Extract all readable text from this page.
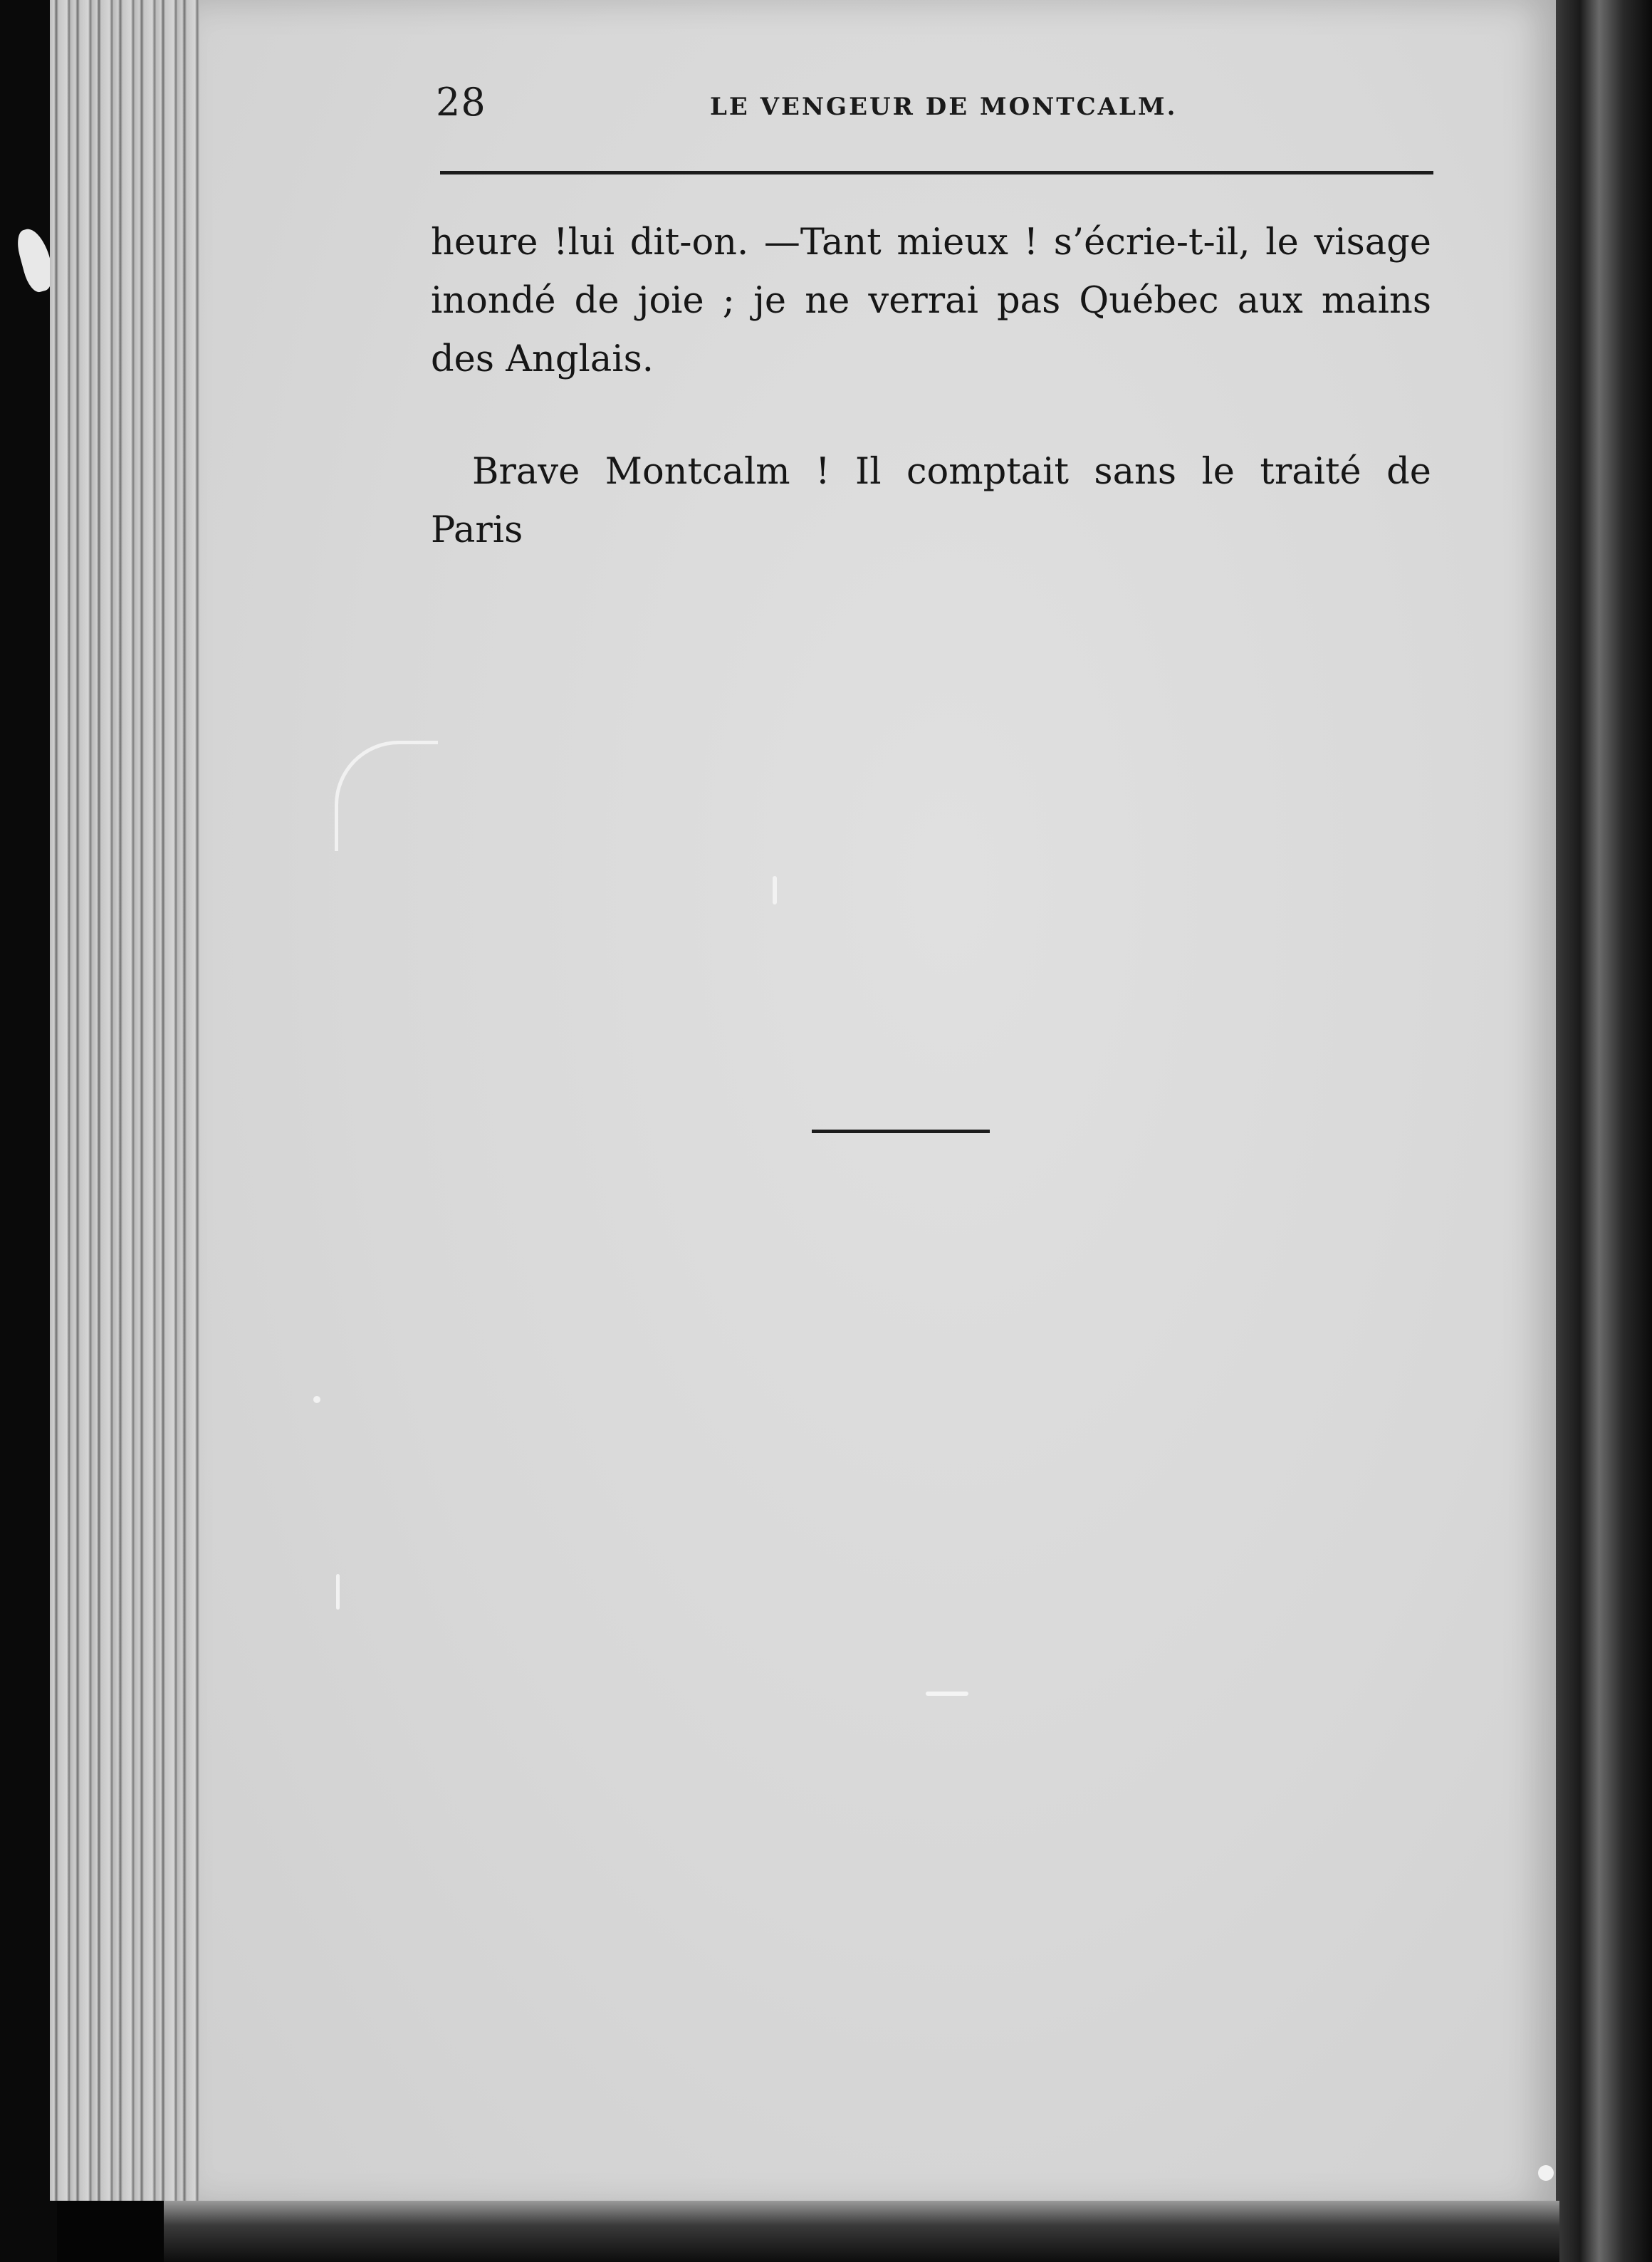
28	LE VENGEUR DE MONTCALM.
heure !lui dit-on. —Tant mieux ! s’écrie-t-il, le visage
inondé de joie ; je ne verrai pas Québec aux mains
des Anglais.
Brave Montcalm ! Il comptait sans le traité de
Paris
